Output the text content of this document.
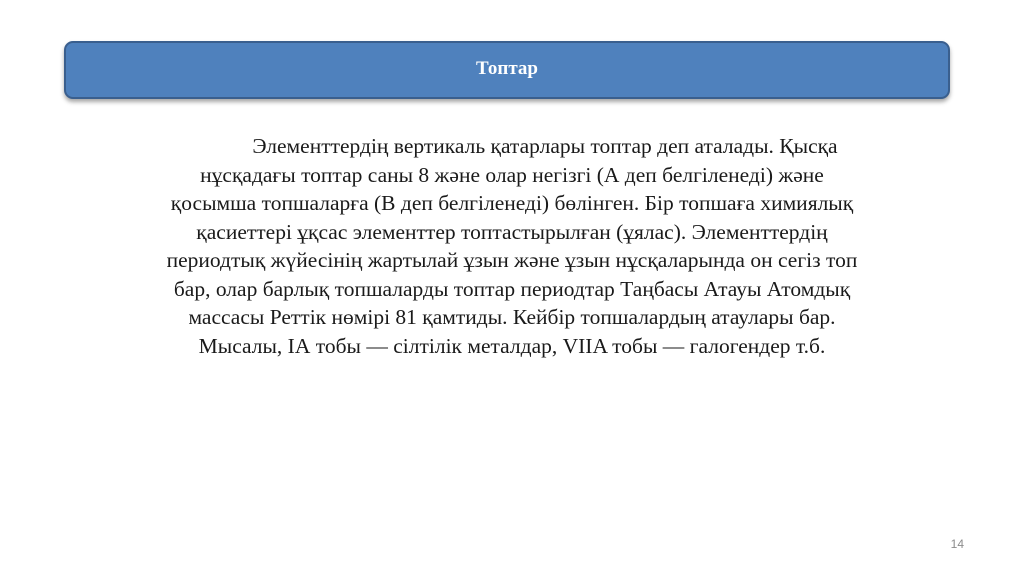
Топтар
Элементтердің вертикаль қатарлары топтар деп аталады. Қысқа
нұсқадағы топтар саны 8 және олар негізгі (А деп белгіленеді) және
қосымша топшаларға (В деп белгіленеді) бөлінген. Бір топшаға химиялық
қасиеттері ұқсас элементтер топтастырылған (ұялас). Элементтердің
периодтық жүйесінің жартылай ұзын және ұзын нұсқаларында он сегіз топ
бар, олар барлық топшаларды топтар периодтар Таңбасы Атауы Атомдық
массасы Реттік нөмірі 81 қамтиды. Кейбір топшалардың атаулары бар.
Мысалы, ІА тобы — сілтілік металдар, VIIA тобы — галогендер т.б.
14
